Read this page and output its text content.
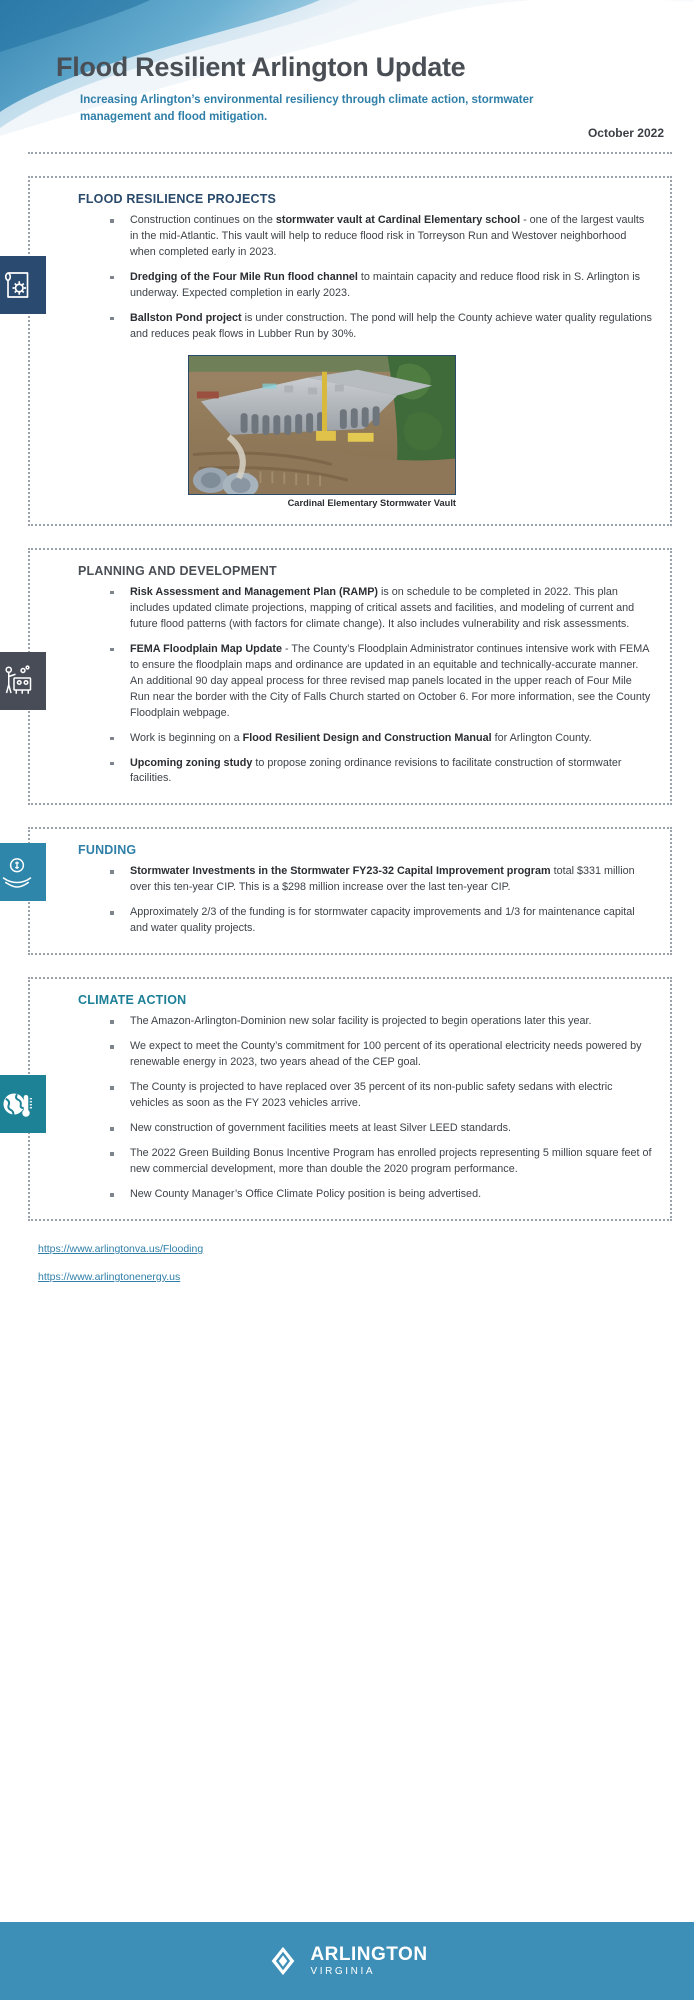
Flood Resilient Arlington Update
Increasing Arlington’s environmental resiliency through climate action, stormwater management and flood mitigation.
October 2022
FLOOD RESILIENCE PROJECTS
Construction continues on the stormwater vault at Cardinal Elementary school - one of the largest vaults in the mid-Atlantic. This vault will help to reduce flood risk in Torreyson Run and Westover neighborhood when completed early in 2023.
Dredging of the Four Mile Run flood channel to maintain capacity and reduce flood risk in S. Arlington is underway. Expected completion in early 2023.
Ballston Pond project is under construction. The pond will help the County achieve water quality regulations and reduces peak flows in Lubber Run by 30%.
Cardinal Elementary Stormwater Vault
PLANNING AND DEVELOPMENT
Risk Assessment and Management Plan (RAMP) is on schedule to be completed in 2022. This plan includes updated climate projections, mapping of critical assets and facilities, and modeling of current and future flood patterns (with factors for climate change). It also includes vulnerability and risk assessments.
FEMA Floodplain Map Update - The County’s Floodplain Administrator continues intensive work with FEMA to ensure the floodplain maps and ordinance are updated in an equitable and technically-accurate manner. An additional 90 day appeal process for three revised map panels located in the upper reach of Four Mile Run near the border with the City of Falls Church started on October 6. For more information, see the County Floodplain webpage.
Work is beginning on a Flood Resilient Design and Construction Manual for Arlington County.
Upcoming zoning study to propose zoning ordinance revisions to facilitate construction of stormwater facilities.
FUNDING
Stormwater Investments in the Stormwater FY23-32 Capital Improvement program total $331 million over this ten-year CIP. This is a $298 million increase over the last ten-year CIP.
Approximately 2/3 of the funding is for stormwater capacity improvements and 1/3 for maintenance capital and water quality projects.
CLIMATE ACTION
The Amazon-Arlington-Dominion new solar facility is projected to begin operations later this year.
We expect to meet the County’s commitment for 100 percent of its operational electricity needs powered by renewable energy in 2023, two years ahead of the CEP goal.
The County is projected to have replaced over 35 percent of its non-public safety sedans with electric vehicles as soon as the FY 2023 vehicles arrive.
New construction of government facilities meets at least Silver LEED standards.
The 2022 Green Building Bonus Incentive Program has enrolled projects representing 5 million square feet of new commercial development, more than double the 2020 program performance.
New County Manager’s Office Climate Policy position is being advertised.
https://www.arlingtonva.us/Flooding
https://www.arlingtonenergy.us
ARLINGTON
VIRGINIA
